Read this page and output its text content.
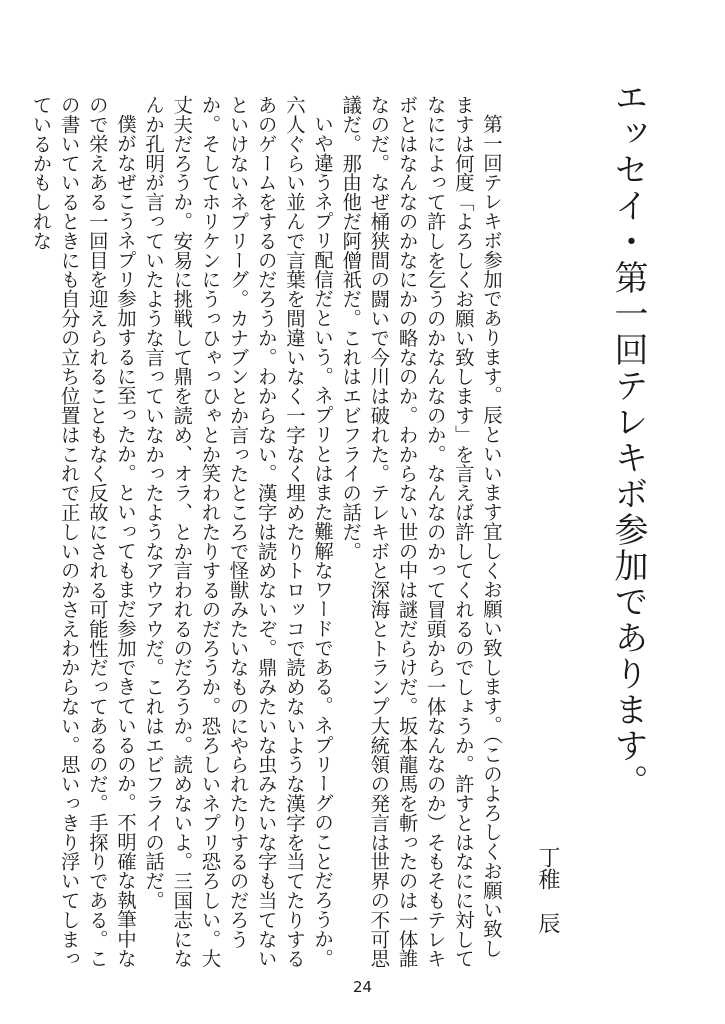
エッセイ・第一回テレキボ参加であります。
丁稚　辰

第一回テレキボ参加であります。辰といいます宜しくお願い致します。（このよろしくお願い致しますは何度「よろしくお願い致します」を言えば許してくれるのでしょうか。許すとはなにに対してなにによって許しを乞うのかなんなのか。なんなのかって冒頭から一体なんなのか）そもそもテレキボとはなんなのかなにかの略なのか。わからない世の中は謎だらけだ。坂本龍馬を斬ったのは一体誰なのだ。なぜ桶狭間の闘いで今川は破れた。テレキボと深海とトランプ大統領の発言は世界の不可思議だ。那由他だ阿僧祇だ。これはエビフライの話だ。

いや違うネプリ配信だという。ネプリとはまた難解なワードである。ネプリーグのことだろうか。六人ぐらい並んで言葉を間違いなく一字なく埋めたりトロッコで読めないような漢字を当てたりするあのゲームをするのだろうか。わからない。漢字は読めないぞ。鼎みたいな虫みたいな字も当てないといけないネプリーグ。カナブンとか言ったところで怪獣みたいなものにやられたりするのだろうか。そしてホリケンにうっひゃっひゃとか笑われたりするのだろうか。恐ろしいネプリ恐ろしい。大丈夫だろうか。安易に挑戦して鼎を読め、オラ、とか言われるのだろうか。読めないよ。三国志になんか孔明が言っていたような言っていなかったようなアウアウだ。これはエビフライの話だ。

僕がなぜこうネプリ参加するに至ったか。といってもまだ参加できているのか。不明確な執筆中なので栄えある一回目を迎えられることもなく反故にされる可能性だってあるのだ。手探りである。この書いているときにも自分の立ち位置はこれで正しいのかさえわからない。思いっきり浮いてしまっているかもしれな

24
